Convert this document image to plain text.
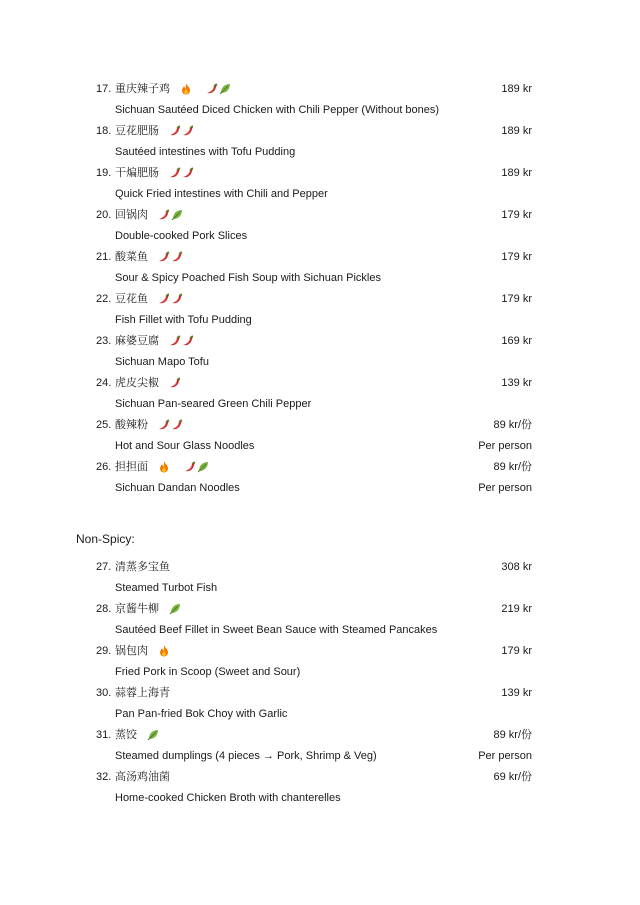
17. 重庆辣子鸡	189 kr
Sichuan Sautéed Diced Chicken with Chili Pepper (Without bones)
18. 豆花肥肠	189 kr
Sautéed intestines with Tofu Pudding
19. 干煸肥肠	189 kr
Quick Fried intestines with Chili and Pepper
20. 回锅肉	179 kr
Double-cooked Pork Slices
21. 酸菜鱼	179 kr
Sour & Spicy Poached Fish Soup with Sichuan Pickles
22. 豆花鱼	179 kr
Fish Fillet with Tofu Pudding
23. 麻婆豆腐	169 kr
Sichuan Mapo Tofu
24. 虎皮尖椒	139 kr
Sichuan Pan-seared Green Chili Pepper
25. 酸辣粉	89 kr/份
Hot and Sour Glass Noodles	Per person
26. 担担面	89 kr/份
Sichuan Dandan Noodles	Per person
Non-Spicy:
27. 清蒸多宝鱼	308 kr
Steamed Turbot Fish
28. 京酱牛柳	219 kr
Sautéed Beef Fillet in Sweet Bean Sauce with Steamed Pancakes
29. 锅包肉	179 kr
Fried Pork in Scoop (Sweet and Sour)
30. 蒜蓉上海青	139 kr
Pan Pan-fried Bok Choy with Garlic
31. 蒸饺	89 kr/份
Steamed dumplings (4 pieces → Pork, Shrimp & Veg)	Per person
32. 高汤鸡油菌	69 kr/份
Home-cooked Chicken Broth with chanterelles
